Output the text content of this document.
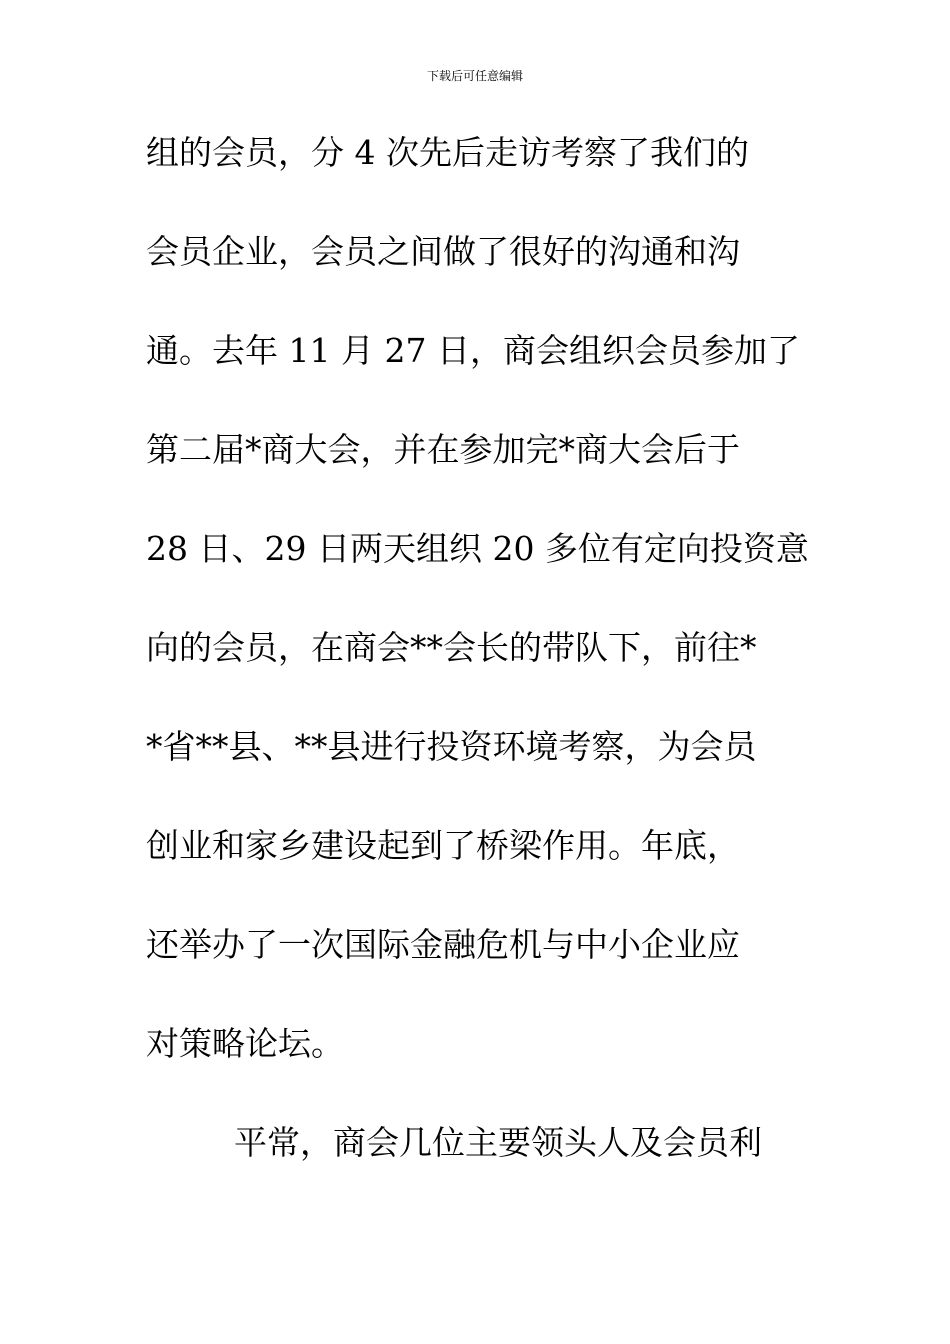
下载后可任意编辑
组的会员，分 4 次先后走访考察了我们的
会员企业，会员之间做了很好的沟通和沟
通。去年 11 月 27 日，商会组织会员参加了
第二届*商大会，并在参加完*商大会后于
28 日、29 日两天组织 20 多位有定向投资意
向的会员，在商会**会长的带队下，前往*
*省**县、**县进行投资环境考察，为会员
创业和家乡建设起到了桥梁作用。年底，
还举办了一次国际金融危机与中小企业应
对策略论坛。
平常，商会几位主要领头人及会员利
